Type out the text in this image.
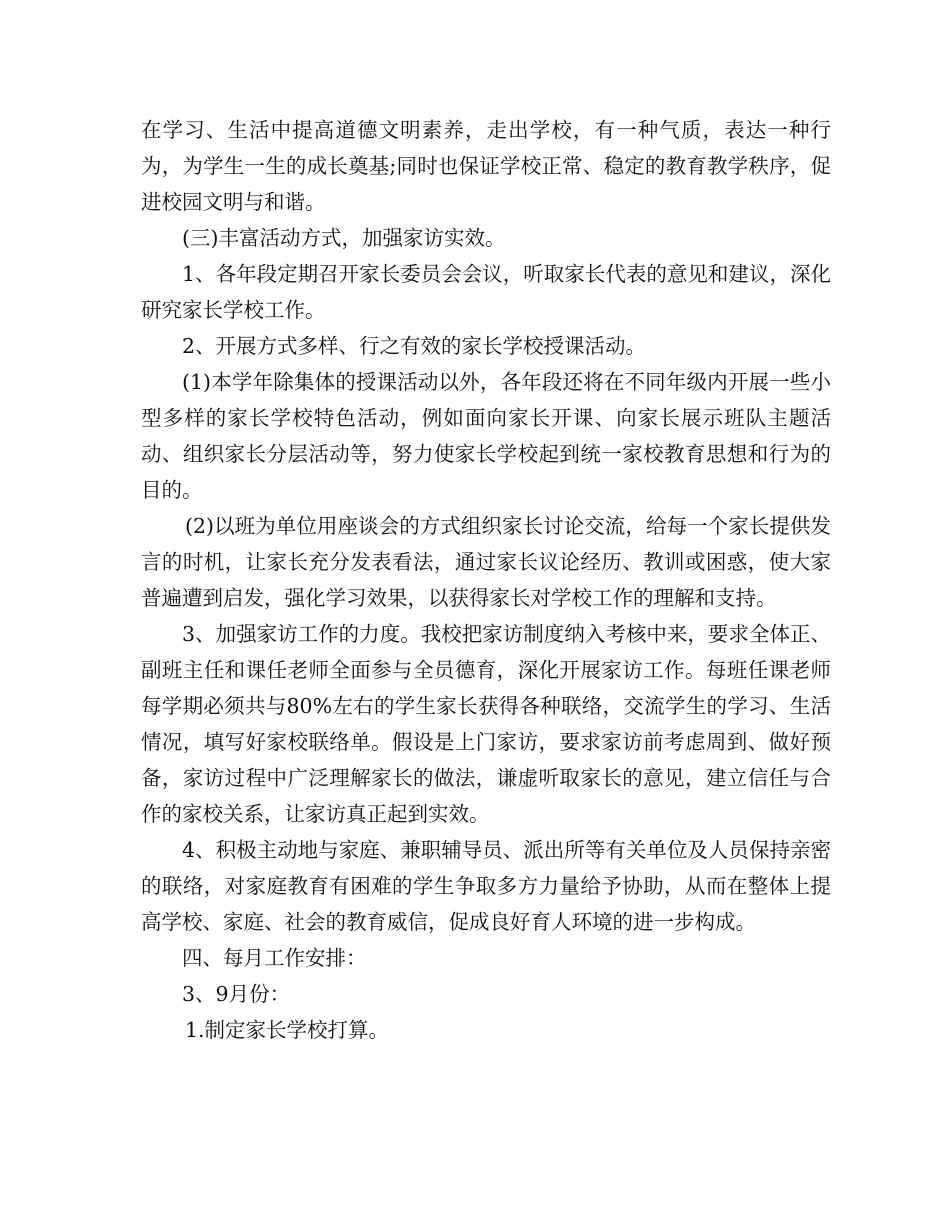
在学习、生活中提高道德文明素养，走出学校，有一种气质，表达一种行为，为学生一生的成长奠基;同时也保证学校正常、稳定的教育教学秩序，促进校园文明与和谐。

(三)丰富活动方式，加强家访实效。

1、各年段定期召开家长委员会会议，听取家长代表的意见和建议，深化研究家长学校工作。

2、开展方式多样、行之有效的家长学校授课活动。

(1)本学年除集体的授课活动以外，各年段还将在不同年级内开展一些小型多样的家长学校特色活动，例如面向家长开课、向家长展示班队主题活动、组织家长分层活动等，努力使家长学校起到统一家校教育思想和行为的目的。

(2)以班为单位用座谈会的方式组织家长讨论交流，给每一个家长提供发言的时机，让家长充分发表看法，通过家长议论经历、教训或困惑，使大家普遍遭到启发，强化学习效果，以获得家长对学校工作的理解和支持。

3、加强家访工作的力度。我校把家访制度纳入考核中来，要求全体正、副班主任和课任老师全面参与全员德育，深化开展家访工作。每班任课老师每学期必须共与80%左右的学生家长获得各种联络，交流学生的学习、生活情况，填写好家校联络单。假设是上门家访，要求家访前考虑周到、做好预备，家访过程中广泛理解家长的做法，谦虚听取家长的意见，建立信任与合作的家校关系，让家访真正起到实效。

4、积极主动地与家庭、兼职辅导员、派出所等有关单位及人员保持亲密的联络，对家庭教育有困难的学生争取多方力量给予协助，从而在整体上提高学校、家庭、社会的教育威信，促成良好育人环境的进一步构成。

四、每月工作安排：

3、9月份：

1.制定家长学校打算。
